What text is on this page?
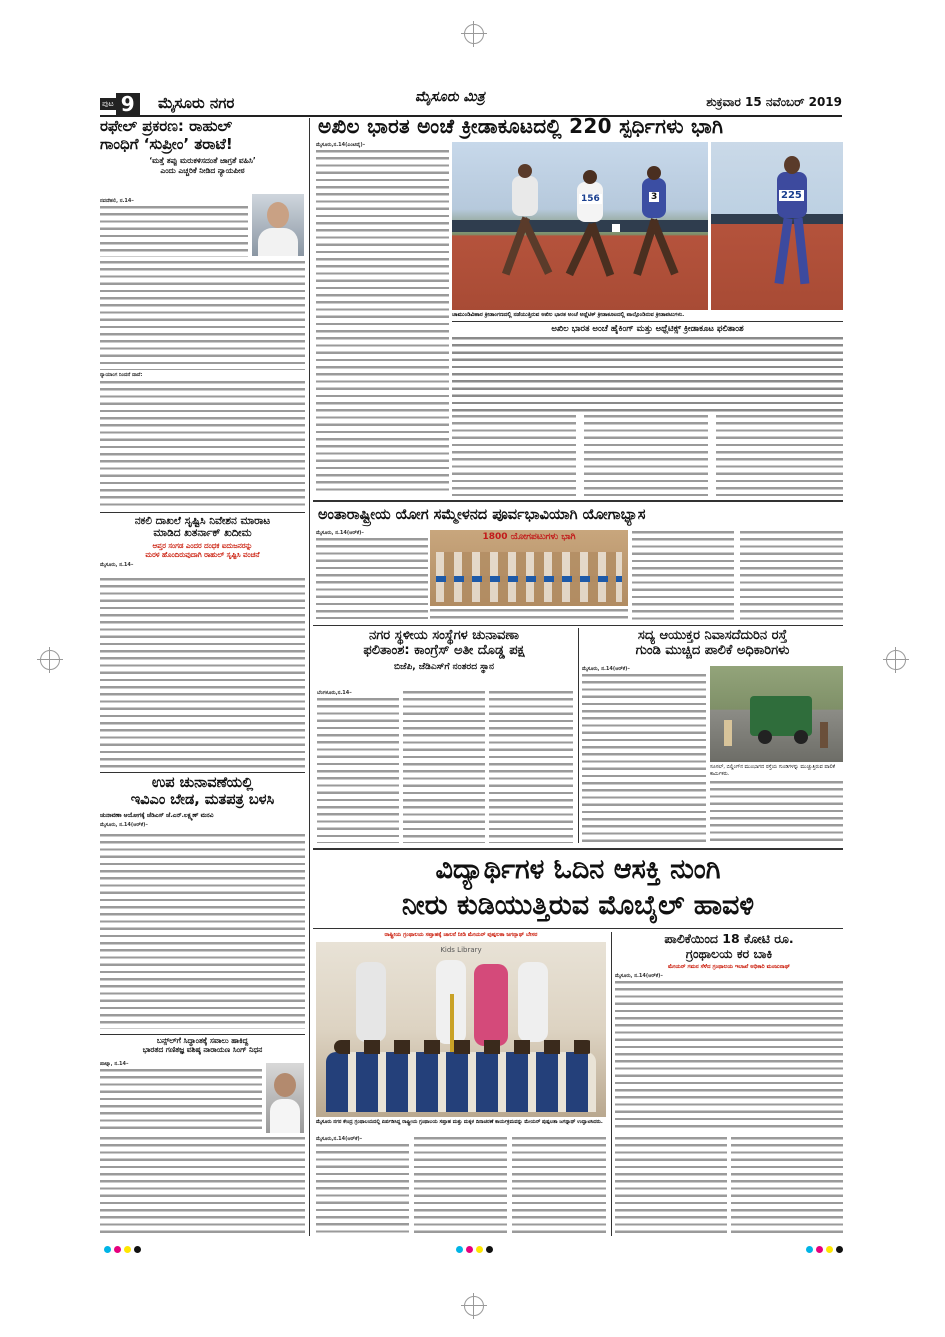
ಪುಟ 9	ಮೈಸೂರು ನಗರ	ಮೈಸೂರು ಮಿತ್ರ	ಶುಕ್ರವಾರ 15 ನವೆಂಬರ್ 2019
ರಫೇಲ್ ಪ್ರಕರಣ: ರಾಹುಲ್
ಗಾಂಧಿಗೆ ‘ಸುಪ್ರೀಂ’ ತರಾಟೆ!
‘ಮತ್ತೆ ತಪ್ಪು ಮರುಕಳಿಸದಂತೆ ಜಾಗ್ರತೆ ವಹಿಸಿ’
ಎಂದು ಎಚ್ಚರಿಕೆ ನೀಡಿದ ನ್ಯಾಯಪೀಠ
ನವದೆಹಲಿ, ನ.14–
ನ್ಯಾಯಾಂಗ ನಿಂದನೆ ದಾವೆ:
ನಕಲಿ ದಾಖಲೆ ಸೃಷ್ಟಿಸಿ ನಿವೇಶನ ಮಾರಾಟ
ಮಾಡಿದ ಖತರ್ನಾಕ್ ಖದೀಮ
ಆಪ್ತರ ಸಂಗಡ ಎಂದರ ದಂಧಕ ಐದುಜನರನ್ನು
ಮರಳ ಹೊಂದಿರುವುದಾಗಿ ರಾಹುಲ್ ಸೃಷ್ಟಿಸಿ ವಂಚನೆ
ಮೈಸೂರು, ನ.14–
ಉಪ ಚುನಾವಣೆಯಲ್ಲಿ
ಇವಿಎಂ ಬೇಡ, ಮತಪತ್ರ ಬಳಸಿ
ಚುನಾವಣಾ ಆಯೋಗಕ್ಕೆ ಜೆಡಿಎಸ್ ಜೆ.ಎನ್.ಲಕ್ಷ್ಮಣ್ ಮನವಿ
ಮೈಸೂರು, ನ.14(ಆರ್‌ಕೆ)–
ಬನ್ಸ್‌ಲ್‌ಗೆ ಸಿದ್ಧಾಂತಕ್ಕೆ ಸವಾಲು ಹಾಕಿದ್ದ
ಭಾರತದ ಗಣಿತಜ್ಞ ವಶಿಷ್ಠ ನಾರಾಯಣ ಸಿಂಗ್ ನಿಧನ
ಪಾಟ್ನಾ, ನ.14–
ಅಖಿಲ ಭಾರತ ಅಂಚೆ ಕ್ರೀಡಾಕೂಟದಲ್ಲಿ 220 ಸ್ಪರ್ಧಿಗಳು ಭಾಗಿ
ಮೈಸೂರು,ನ.14(ಎಂಟಿವೈ)–
156	3	225
ಚಾಮುಂಡಿವಿಹಾರ ಕ್ರೀಡಾಂಗಣದಲ್ಲಿ ನಡೆಯುತ್ತಿರುವ ಅಖಿಲ ಭಾರತ ಅಂಚೆ ಅಥ್ಲೆಟಿಕ್ ಕ್ರೀಡಾಕೂಟದಲ್ಲಿ ಪಾಲ್ಗೊಂಡಿರುವ ಕ್ರೀಡಾಪಟುಗಳು.
ಅಖಿಲ ಭಾರತ ಅಂಚೆ ಹೈಕಿಂಗ್ ಮತ್ತು ಅಥ್ಲೆಟಿಕ್ಸ್ ಕ್ರೀಡಾಕೂಟ ಫಲಿತಾಂಶ
ಅಂತಾರಾಷ್ಟ್ರೀಯ ಯೋಗ ಸಮ್ಮೇಳನದ ಪೂರ್ವಭಾವಿಯಾಗಿ ಯೋಗಾಭ್ಯಾಸ
ಮೈಸೂರು, ನ.14(ಆರ್‌ಕೆ)–	1800 ಯೋಗಪಟುಗಳು ಭಾಗಿ
ನಗರ ಸ್ಥಳೀಯ ಸಂಸ್ಥೆಗಳ ಚುನಾವಣಾ
ಫಲಿತಾಂಶ: ಕಾಂಗ್ರೆಸ್ ಅತೀ ದೊಡ್ಡ ಪಕ್ಷ
ಬಿಜೆಪಿ, ಜೆಡಿಎಸ್‌ಗೆ ನಂತರದ ಸ್ಥಾನ
ಬೆಂಗಳೂರು,ನ.14–
ಸದ್ಯ ಆಯುಕ್ತರ ನಿವಾಸದೆದುರಿನ ರಸ್ತೆ
ಗುಂಡಿ ಮುಚ್ಚಿದ ಪಾಲಿಕೆ ಅಧಿಕಾರಿಗಳು
ಮೈಸೂರು, ನ.14(ಆರ್‌ಕೆ)–
ಸೂಸಲ್, ಬಿಲ್ಡಿಂಗ್‌ನ ಮುಂಭಾಗದ ರಸ್ತೆಯ ಗುಂಡಿಗಳನ್ನು ಮುಚ್ಚುತ್ತಿರುವ ಪಾಲಿಕೆ ಕಾರ್ಮಿಕರು.
ವಿದ್ಯಾರ್ಥಿಗಳ ಓದಿನ ಆಸಕ್ತಿ ನುಂಗಿ
ನೀರು ಕುಡಿಯುತ್ತಿರುವ ಮೊಬೈಲ್ ಹಾವಳಿ
ರಾಷ್ಟ್ರೀಯ ಗ್ರಂಥಾಲಯ ಸಪ್ತಾಹಕ್ಕೆ ಚಾಲನೆ ನೀಡಿ ಮೇಯರ್ ಪುಷ್ಪಲತಾ ಜಗನ್ನಾಥ್ ಬೇಸರ
Kids Library
ಮೈಸೂರು ನಗರ ಕೇಂದ್ರ ಗ್ರಂಥಾಲಯದಲ್ಲಿ ಏರ್ಪಡಿಸಿದ್ದ ರಾಷ್ಟ್ರೀಯ ಗ್ರಂಥಾಲಯ ಸಪ್ತಾಹ ಮತ್ತು ಮಕ್ಕಳ ದಿನಾಚರಣೆ ಕಾರ್ಯಕ್ರಮವನ್ನು ಮೇಯರ್ ಪುಷ್ಪಲತಾ ಜಗನ್ನಾಥ್ ಉದ್ಘಾಟಿಸಿದರು.
ಮೈಸೂರು,ನ.14(ಆರ್‌ಕೆ)–
ಪಾಲಿಕೆಯಿಂದ 18 ಕೋಟಿ ರೂ.
ಗ್ರಂಥಾಲಯ ಕರ ಬಾಕಿ
ಮೇಯರ್ ಗಮನ ಸೆಳೆದ ಗ್ರಂಥಾಲಯ ಇಲಾಖೆ ಅಧಿಕಾರಿ ಮಂಜುನಾಥ್
ಮೈಸೂರು, ನ.14(ಆರ್‌ಕೆ)–
